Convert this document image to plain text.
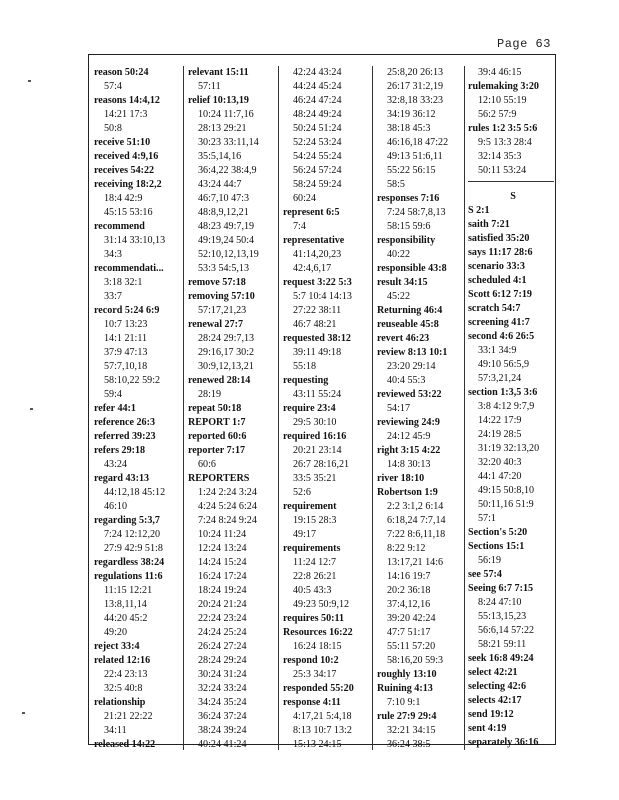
Page 63
reason 50:24
57:4
reasons 14:4,12
14:21 17:3
50:8
receive 51:10
received 4:9,16
receives 54:22
receiving 18:2,2
18:4 42:9
45:15 53:16
recommend
31:14 33:10,13
34:3
recommendati...
3:18 32:1
33:7
record 5:24 6:9
10:7 13:23
14:1 21:11
37:9 47:13
57:7,10,18
58:10,22 59:2
59:4
refer 44:1
reference 26:3
referred 39:23
refers 29:18
43:24
regard 43:13
44:12,18 45:12
46:10
regarding 5:3,7
7:24 12:12,20
27:9 42:9 51:8
regardless 38:24
regulations 11:6
11:15 12:21
13:8,11,14
44:20 45:2
49:20
reject 33:4
related 12:16
22:4 23:13
32:5 40:8
relationship
21:21 22:22
34:11
released 14:22
relevant 15:11
57:11
relief 10:13,19
10:24 11:7,16
28:13 29:21
30:23 33:11,14
35:5,14,16
36:4,22 38:4,9
43:24 44:7
46:7,10 47:3
48:8,9,12,21
48:23 49:7,19
49:19,24 50:4
52:10,12,13,19
53:3 54:5,13
remove 57:18
removing 57:10
57:17,21,23
renewal 27:7
28:24 29:7,13
29:16,17 30:2
30:9,12,13,21
renewed 28:14
28:19
repeat 50:18
REPORT 1:7
reported 60:6
reporter 7:17
60:6
REPORTERS
1:24 2:24 3:24
4:24 5:24 6:24
7:24 8:24 9:24
10:24 11:24
12:24 13:24
14:24 15:24
16:24 17:24
18:24 19:24
20:24 21:24
22:24 23:24
24:24 25:24
26:24 27:24
28:24 29:24
30:24 31:24
32:24 33:24
34:24 35:24
36:24 37:24
38:24 39:24
40:24 41:24
42:24 43:24
44:24 45:24
46:24 47:24
48:24 49:24
50:24 51:24
52:24 53:24
54:24 55:24
56:24 57:24
58:24 59:24
60:24
represent 6:5
7:4
representative
41:14,20,23
42:4,6,17
request 3:22 5:3
5:7 10:4 14:13
27:22 38:11
46:7 48:21
requested 38:12
39:11 49:18
55:18
requesting
43:11 55:24
require 23:4
29:5 30:10
required 16:16
20:21 23:14
26:7 28:16,21
33:5 35:21
52:6
requirement
19:15 28:3
49:17
requirements
11:24 12:7
22:8 26:21
40:5 43:3
49:23 50:9,12
requires 50:11
Resources 16:22
16:24 18:15
respond 10:2
25:3 34:17
responded 55:20
response 4:11
4:17,21 5:4,18
8:13 10:7 13:2
15:13 24:15
25:8,20 26:13
26:17 31:2,19
32:8,18 33:23
34:19 36:12
38:18 45:3
46:16,18 47:22
49:13 51:6,11
55:22 56:15
58:5
responses 7:16
7:24 58:7,8,13
58:15 59:6
responsibility
40:22
responsible 43:8
result 34:15
45:22
Returning 46:4
reuseable 45:8
revert 46:23
review 8:13 10:1
23:20 29:14
40:4 55:3
reviewed 53:22
54:17
reviewing 24:9
24:12 45:9
right 3:15 4:22
14:8 30:13
river 18:10
Robertson 1:9
2:2 3:1,2 6:14
6:18,24 7:7,14
7:22 8:6,11,18
8:22 9:12
13:17,21 14:6
14:16 19:7
20:2 36:18
37:4,12,16
39:20 42:24
47:7 51:17
55:11 57:20
58:16,20 59:3
roughly 13:10
Ruining 4:13
7:10 9:1
rule 27:9 29:4
32:21 34:15
36:24 38:5
39:4 46:15
rulemaking 3:20
12:10 55:19
56:2 57:9
rules 1:2 3:5 5:6
9:5 13:3 28:4
32:14 35:3
50:11 53:24
S
S 2:1
saith 7:21
satisfied 35:20
says 11:17 28:6
scenario 33:3
scheduled 4:1
Scott 6:12 7:19
scratch 54:7
screening 41:7
second 4:6 26:5
33:1 34:9
49:10 56:5,9
57:3,21,24
section 1:3,5 3:6
3:8 4:12 9:7,9
14:22 17:9
24:19 28:5
31:19 32:13,20
32:20 40:3
44:1 47:20
49:15 50:8,10
50:11,16 51:9
57:1
Section's 5:20
Sections 15:1
56:19
see 57:4
Seeing 6:7 7:15
8:24 47:10
55:13,15,23
56:6,14 57:22
58:21 59:11
seek 16:8 49:24
select 42:21
selecting 42:6
selects 42:17
send 19:12
sent 4:19
separately 36:16
